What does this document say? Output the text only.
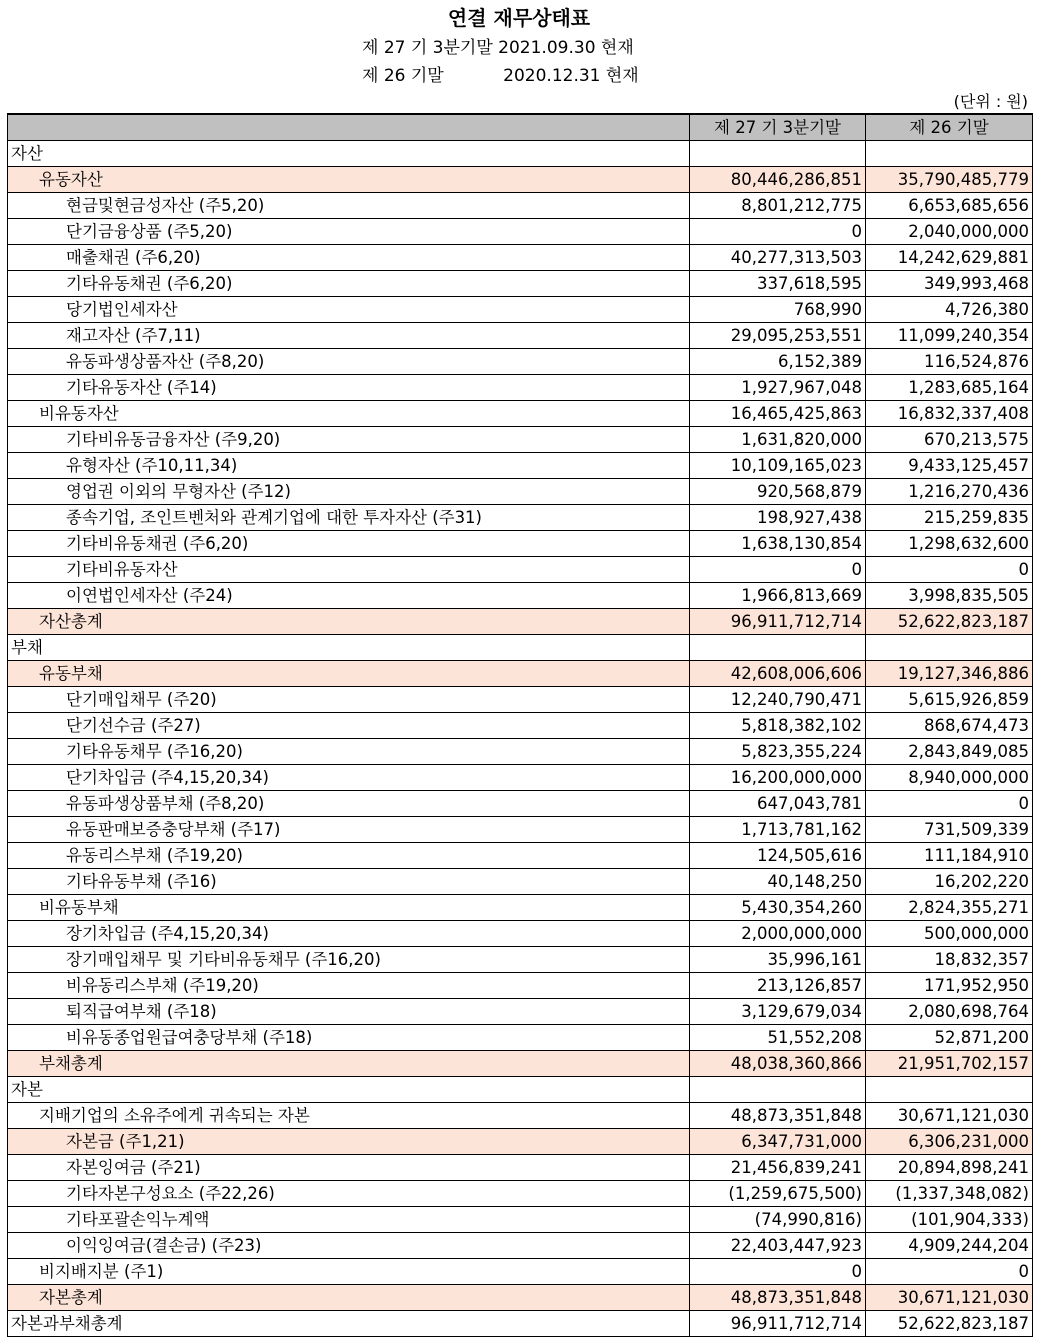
연결 재무상태표
제 27 기 3분기말 2021.09.30 현재
제 26 기말           2020.12.31 현재
(단위 : 원)
	제 27 기 3분기말	제 26 기말
자산		
유동자산	80,446,286,851	35,790,485,779
현금및현금성자산 (주5,20)	8,801,212,775	6,653,685,656
단기금융상품 (주5,20)	0	2,040,000,000
매출채권 (주6,20)	40,277,313,503	14,242,629,881
기타유동채권 (주6,20)	337,618,595	349,993,468
당기법인세자산	768,990	4,726,380
재고자산 (주7,11)	29,095,253,551	11,099,240,354
유동파생상품자산 (주8,20)	6,152,389	116,524,876
기타유동자산 (주14)	1,927,967,048	1,283,685,164
비유동자산	16,465,425,863	16,832,337,408
기타비유동금융자산 (주9,20)	1,631,820,000	670,213,575
유형자산 (주10,11,34)	10,109,165,023	9,433,125,457
영업권 이외의 무형자산 (주12)	920,568,879	1,216,270,436
종속기업, 조인트벤처와 관계기업에 대한 투자자산 (주31)	198,927,438	215,259,835
기타비유동채권 (주6,20)	1,638,130,854	1,298,632,600
기타비유동자산	0	0
이연법인세자산 (주24)	1,966,813,669	3,998,835,505
자산총계	96,911,712,714	52,622,823,187
부채		
유동부채	42,608,006,606	19,127,346,886
단기매입채무 (주20)	12,240,790,471	5,615,926,859
단기선수금 (주27)	5,818,382,102	868,674,473
기타유동채무 (주16,20)	5,823,355,224	2,843,849,085
단기차입금 (주4,15,20,34)	16,200,000,000	8,940,000,000
유동파생상품부채 (주8,20)	647,043,781	0
유동판매보증충당부채 (주17)	1,713,781,162	731,509,339
유동리스부채 (주19,20)	124,505,616	111,184,910
기타유동부채 (주16)	40,148,250	16,202,220
비유동부채	5,430,354,260	2,824,355,271
장기차입금 (주4,15,20,34)	2,000,000,000	500,000,000
장기매입채무 및 기타비유동채무 (주16,20)	35,996,161	18,832,357
비유동리스부채 (주19,20)	213,126,857	171,952,950
퇴직급여부채 (주18)	3,129,679,034	2,080,698,764
비유동종업원급여충당부채 (주18)	51,552,208	52,871,200
부채총계	48,038,360,866	21,951,702,157
자본		
지배기업의 소유주에게 귀속되는 자본	48,873,351,848	30,671,121,030
자본금 (주1,21)	6,347,731,000	6,306,231,000
자본잉여금 (주21)	21,456,839,241	20,894,898,241
기타자본구성요소 (주22,26)	(1,259,675,500)	(1,337,348,082)
기타포괄손익누계액	(74,990,816)	(101,904,333)
이익잉여금(결손금) (주23)	22,403,447,923	4,909,244,204
비지배지분 (주1)	0	0
자본총계	48,873,351,848	30,671,121,030
자본과부채총계	96,911,712,714	52,622,823,187
